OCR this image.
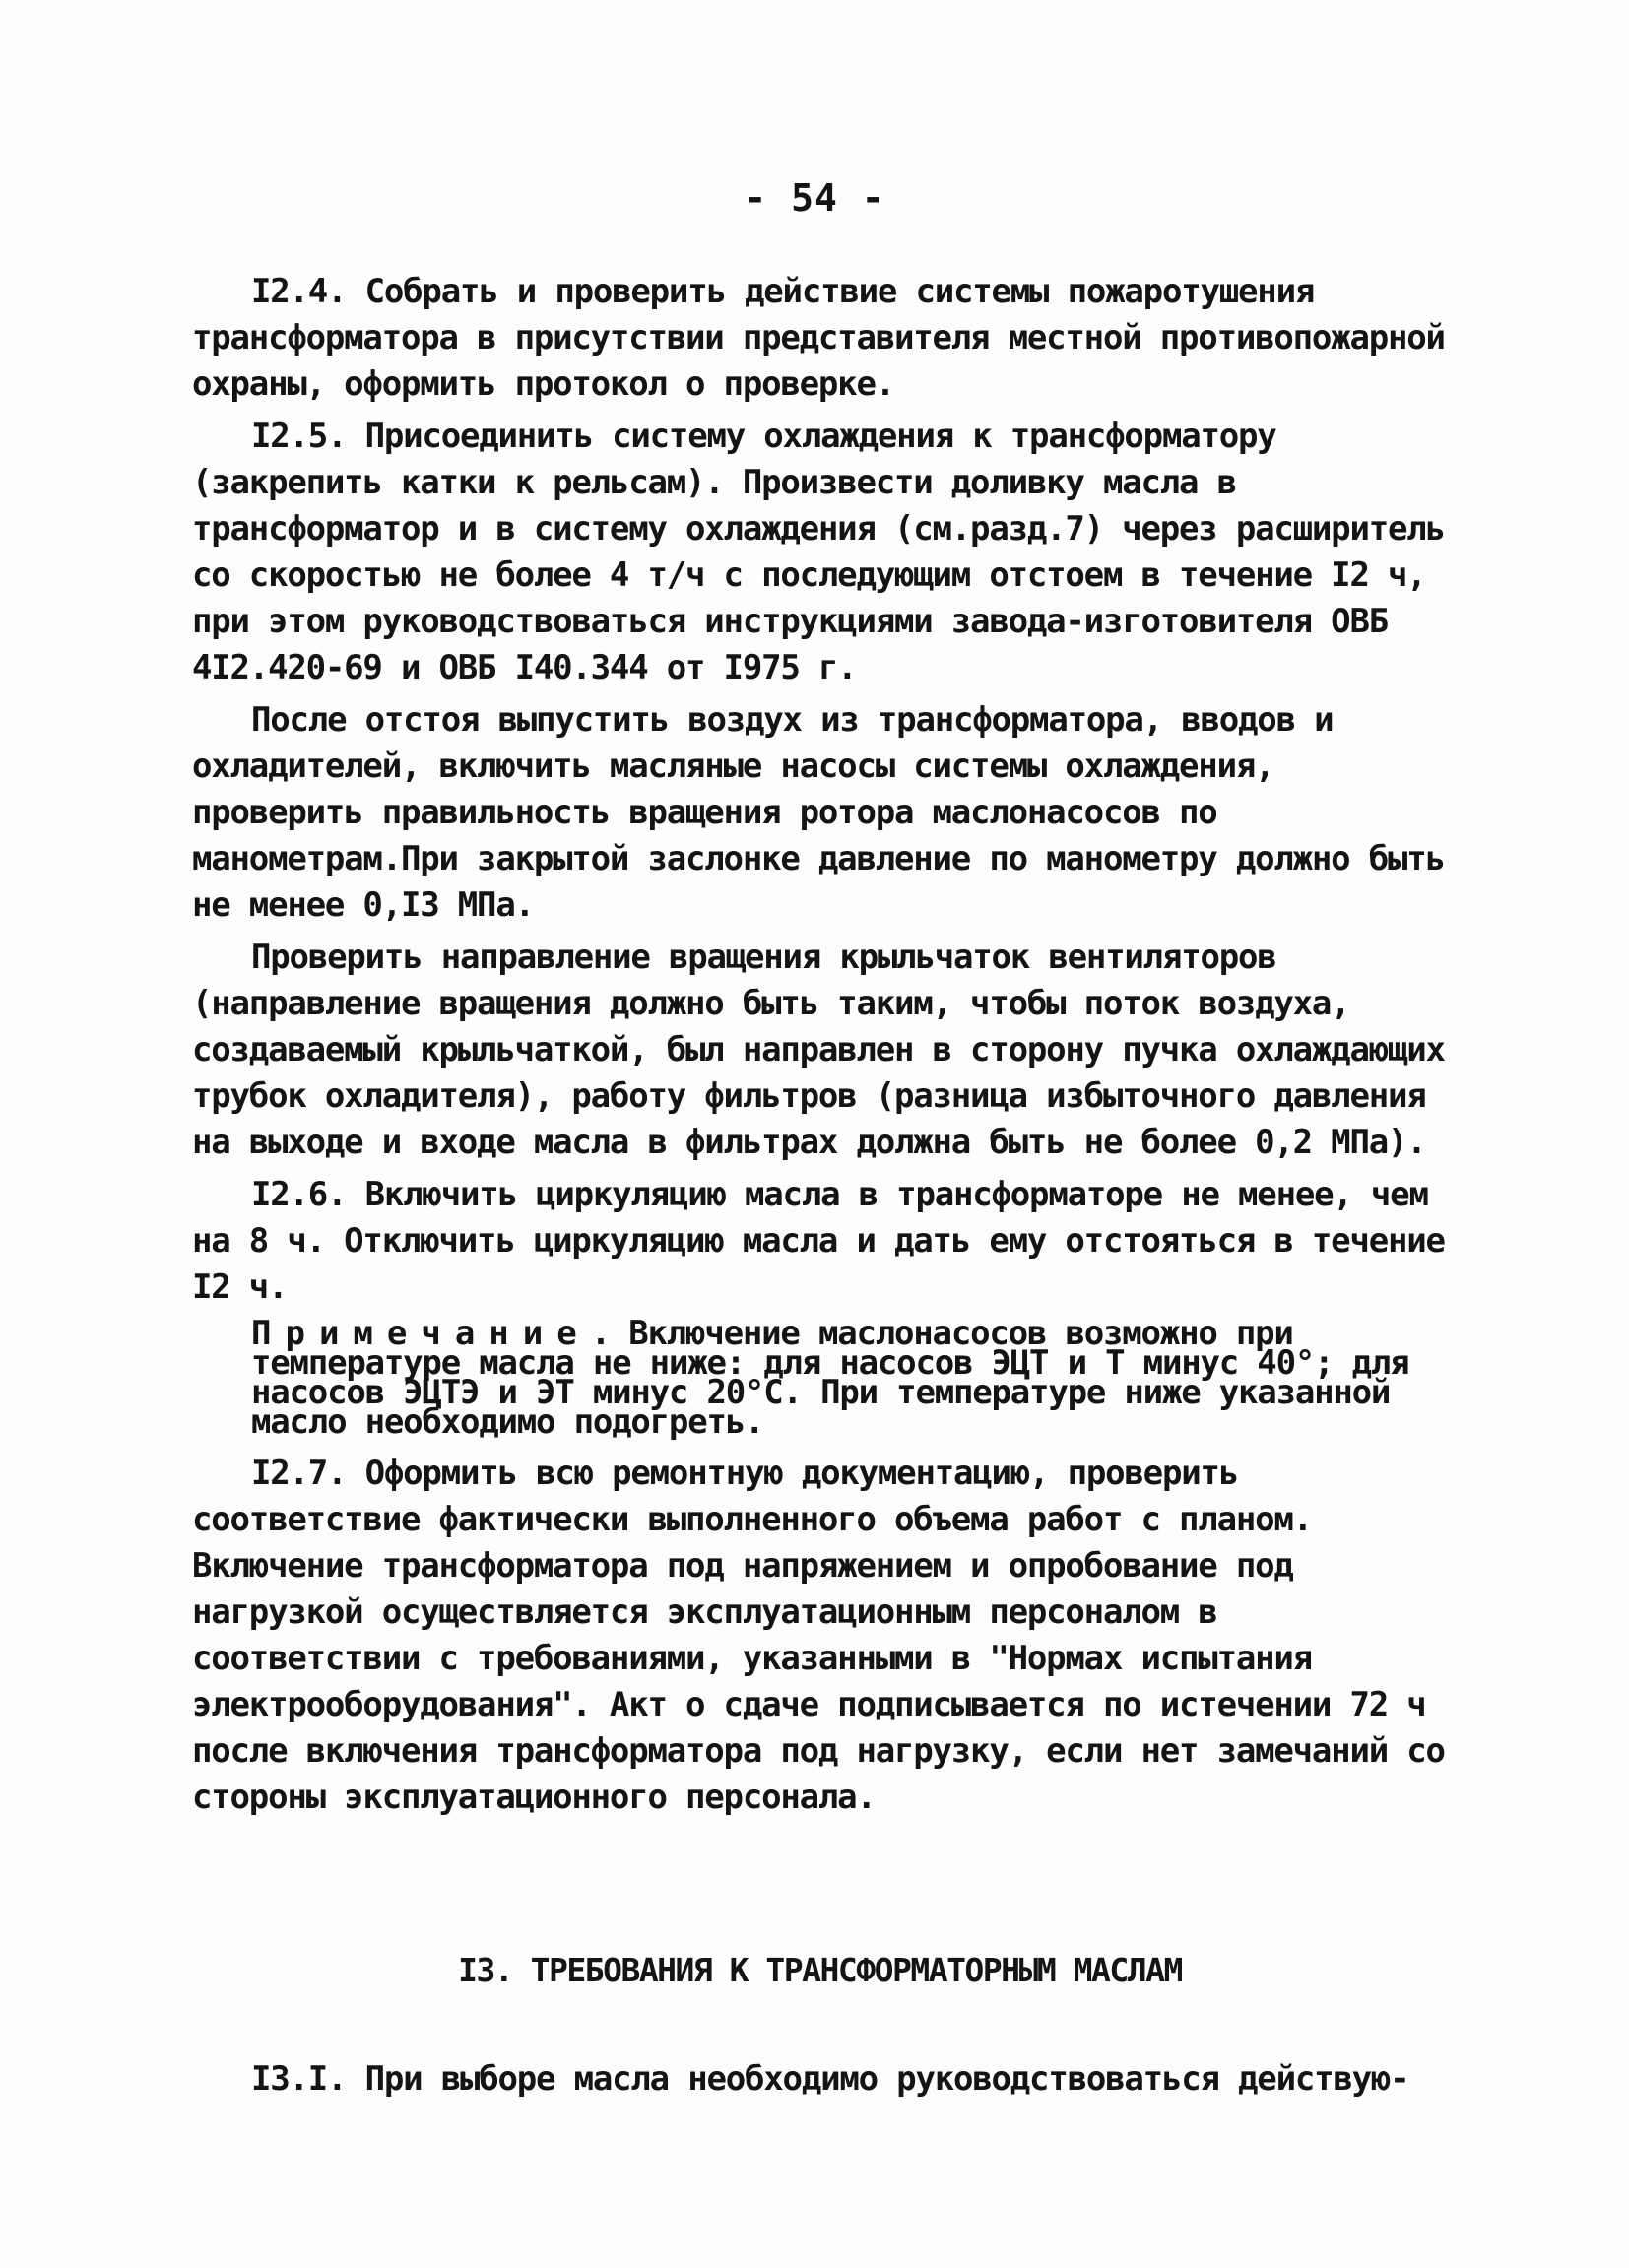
- 54 -

I2.4. Собрать и проверить действие системы пожаротушения трансформатора в присутствии представителя местной противопожарной охраны, оформить протокол о проверке.

I2.5. Присоединить систему охлаждения к трансформатору (закрепить катки к рельсам). Произвести доливку масла в трансформатор и в систему охлаждения (см.разд.7) через расширитель со скоростью не более 4 т/ч с последующим отстоем в течение I2 ч, при этом руководствоваться инструкциями завода-изготовителя ОВБ 4I2.420-69 и ОВБ I40.344 от I975 г.

После отстоя выпустить воздух из трансформатора, вводов и охладителей, включить масляные насосы системы охлаждения, проверить правильность вращения ротора маслонасосов по манометрам.При закрытой заслонке давление по манометру должно быть не менее 0,I3 МПа.

Проверить направление вращения крыльчаток вентиляторов (направление вращения должно быть таким, чтобы поток воздуха, создаваемый крыльчаткой, был направлен в сторону пучка охлаждающих трубок охладителя), работу фильтров (разница избыточного давления на выходе и входе масла в фильтрах должна быть не более 0,2 МПа).

I2.6. Включить циркуляцию масла в трансформаторе не менее, чем на 8 ч. Отключить циркуляцию масла и дать ему отстояться в течение I2 ч.

Примечание. Включение маслонасосов возможно при температуре масла не ниже: для насосов ЭЦТ и Т минус 40°; для насосов ЭЦТЭ и ЭТ минус 20°С. При температуре ниже указанной масло необходимо подогреть.

I2.7. Оформить всю ремонтную документацию, проверить соответствие фактически выполненного объема работ с планом. Включение трансформатора под напряжением и опробование под нагрузкой осуществляется эксплуатационным персоналом в соответствии с требованиями, указанными в "Нормах испытания электрооборудования". Акт о сдаче подписывается по истечении 72 ч после включения трансформатора под нагрузку, если нет замечаний со стороны эксплуатационного персонала.

I3. ТРЕБОВАНИЯ К ТРАНСФОРМАТОРНЫМ МАСЛАМ

I3.I. При выборе масла необходимо руководствоваться действую-
